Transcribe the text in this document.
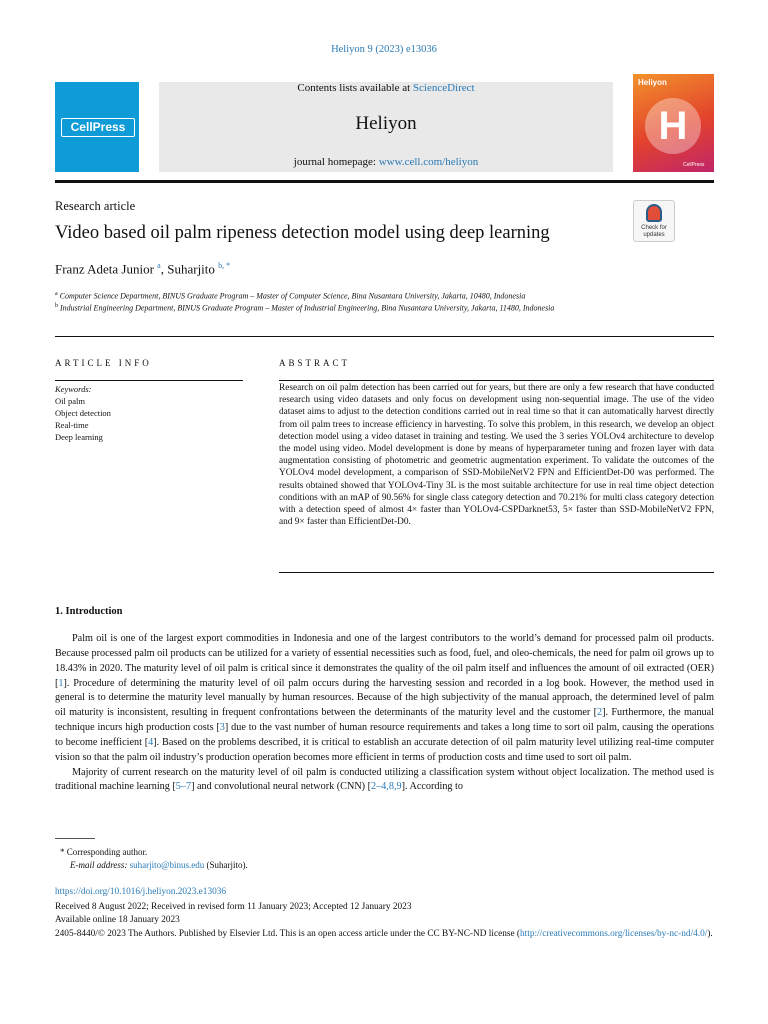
Heliyon 9 (2023) e13036
CellPress
Contents lists available at ScienceDirect
Heliyon
journal homepage: www.cell.com/heliyon
Heliyon
H
CellPress
Research article
Video based oil palm ripeness detection model using deep learning	Check for updates
Franz Adeta Junior $^a$, Suharjito $^{b, *}$
$^a$ Computer Science Department, BINUS Graduate Program – Master of Computer Science, Bina Nusantara University, Jakarta, 10480, Indonesia
$^b$ Industrial Engineering Department, BINUS Graduate Program – Master of Industrial Engineering, Bina Nusantara University, Jakarta, 11480, Indonesia
ARTICLE INFO
Keywords:
Oil palm
Object detection
Real-time
Deep learning
ABSTRACT
Research on oil palm detection has been carried out for years, but there are only a few research that have conducted research using video datasets and only focus on development using non-sequential image. The use of the video dataset aims to adjust to the detection conditions carried out in real time so that it can automatically harvest directly from oil palm trees to increase efficiency in harvesting. To solve this problem, in this research, we develop an object detection model using a video dataset in training and testing. We used the 3 series YOLOv4 architecture to develop the model using video. Model development is done by means of hyperparameter tuning and frozen layer with data augmentation consisting of photometric and geometric augmentation experiment. To validate the outcomes of the YOLOv4 model development, a comparison of SSD-MobileNetV2 FPN and EfficientDet-D0 was performed. The results obtained showed that YOLOv4-Tiny 3L is the most suitable architecture for use in real time object detection conditions with an mAP of 90.56% for single class category detection and 70.21% for multi class category detection with a detection speed of almost 4× faster than YOLOv4-CSPDarknet53, 5× faster than SSD-MobileNetV2 FPN, and 9× faster than EfficientDet-D0.
1. Introduction

Palm oil is one of the largest export commodities in Indonesia and one of the largest contributors to the world’s demand for processed palm oil products. Because processed palm oil products can be utilized for a variety of essential necessities such as food, fuel, and oleo-chemicals, the need for palm oil grows up to 18.43% in 2020. The maturity level of oil palm is critical since it demonstrates the quality of the oil palm itself and influences the amount of oil extracted (OER) [1]. Procedure of determining the maturity level of oil palm occurs during the harvesting session and recorded in a log book. However, the method used in general is to determine the maturity level manually by human resources. Because of the high subjectivity of the manual approach, the determined level of palm oil maturity is inconsistent, resulting in frequent confrontations between the determinants of the maturity level and the customer [2]. Furthermore, the manual technique incurs high production costs [3] due to the vast number of human resource requirements and takes a long time to sort oil palm, causing the operations to become inefficient [4]. Based on the problems described, it is critical to establish an accurate detection of oil palm maturity level utilizing real-time computer vision so that the palm oil industry’s production operation becomes more efficient in terms of production costs and time used to sort oil palm.

Majority of current research on the maturity level of oil palm is conducted utilizing a classification system without object localization. The method used is traditional machine learning [5–7] and convolutional neural network (CNN) [2–4,8,9]. According to

* Corresponding author.
E-mail address: suharjito@binus.edu (Suharjito).
https://doi.org/10.1016/j.heliyon.2023.e13036
Received 8 August 2022; Received in revised form 11 January 2023; Accepted 12 January 2023
Available online 18 January 2023
2405-8440/© 2023 The Authors. Published by Elsevier Ltd. This is an open access article under the CC BY-NC-ND license (http://creativecommons.org/licenses/by-nc-nd/4.0/).
